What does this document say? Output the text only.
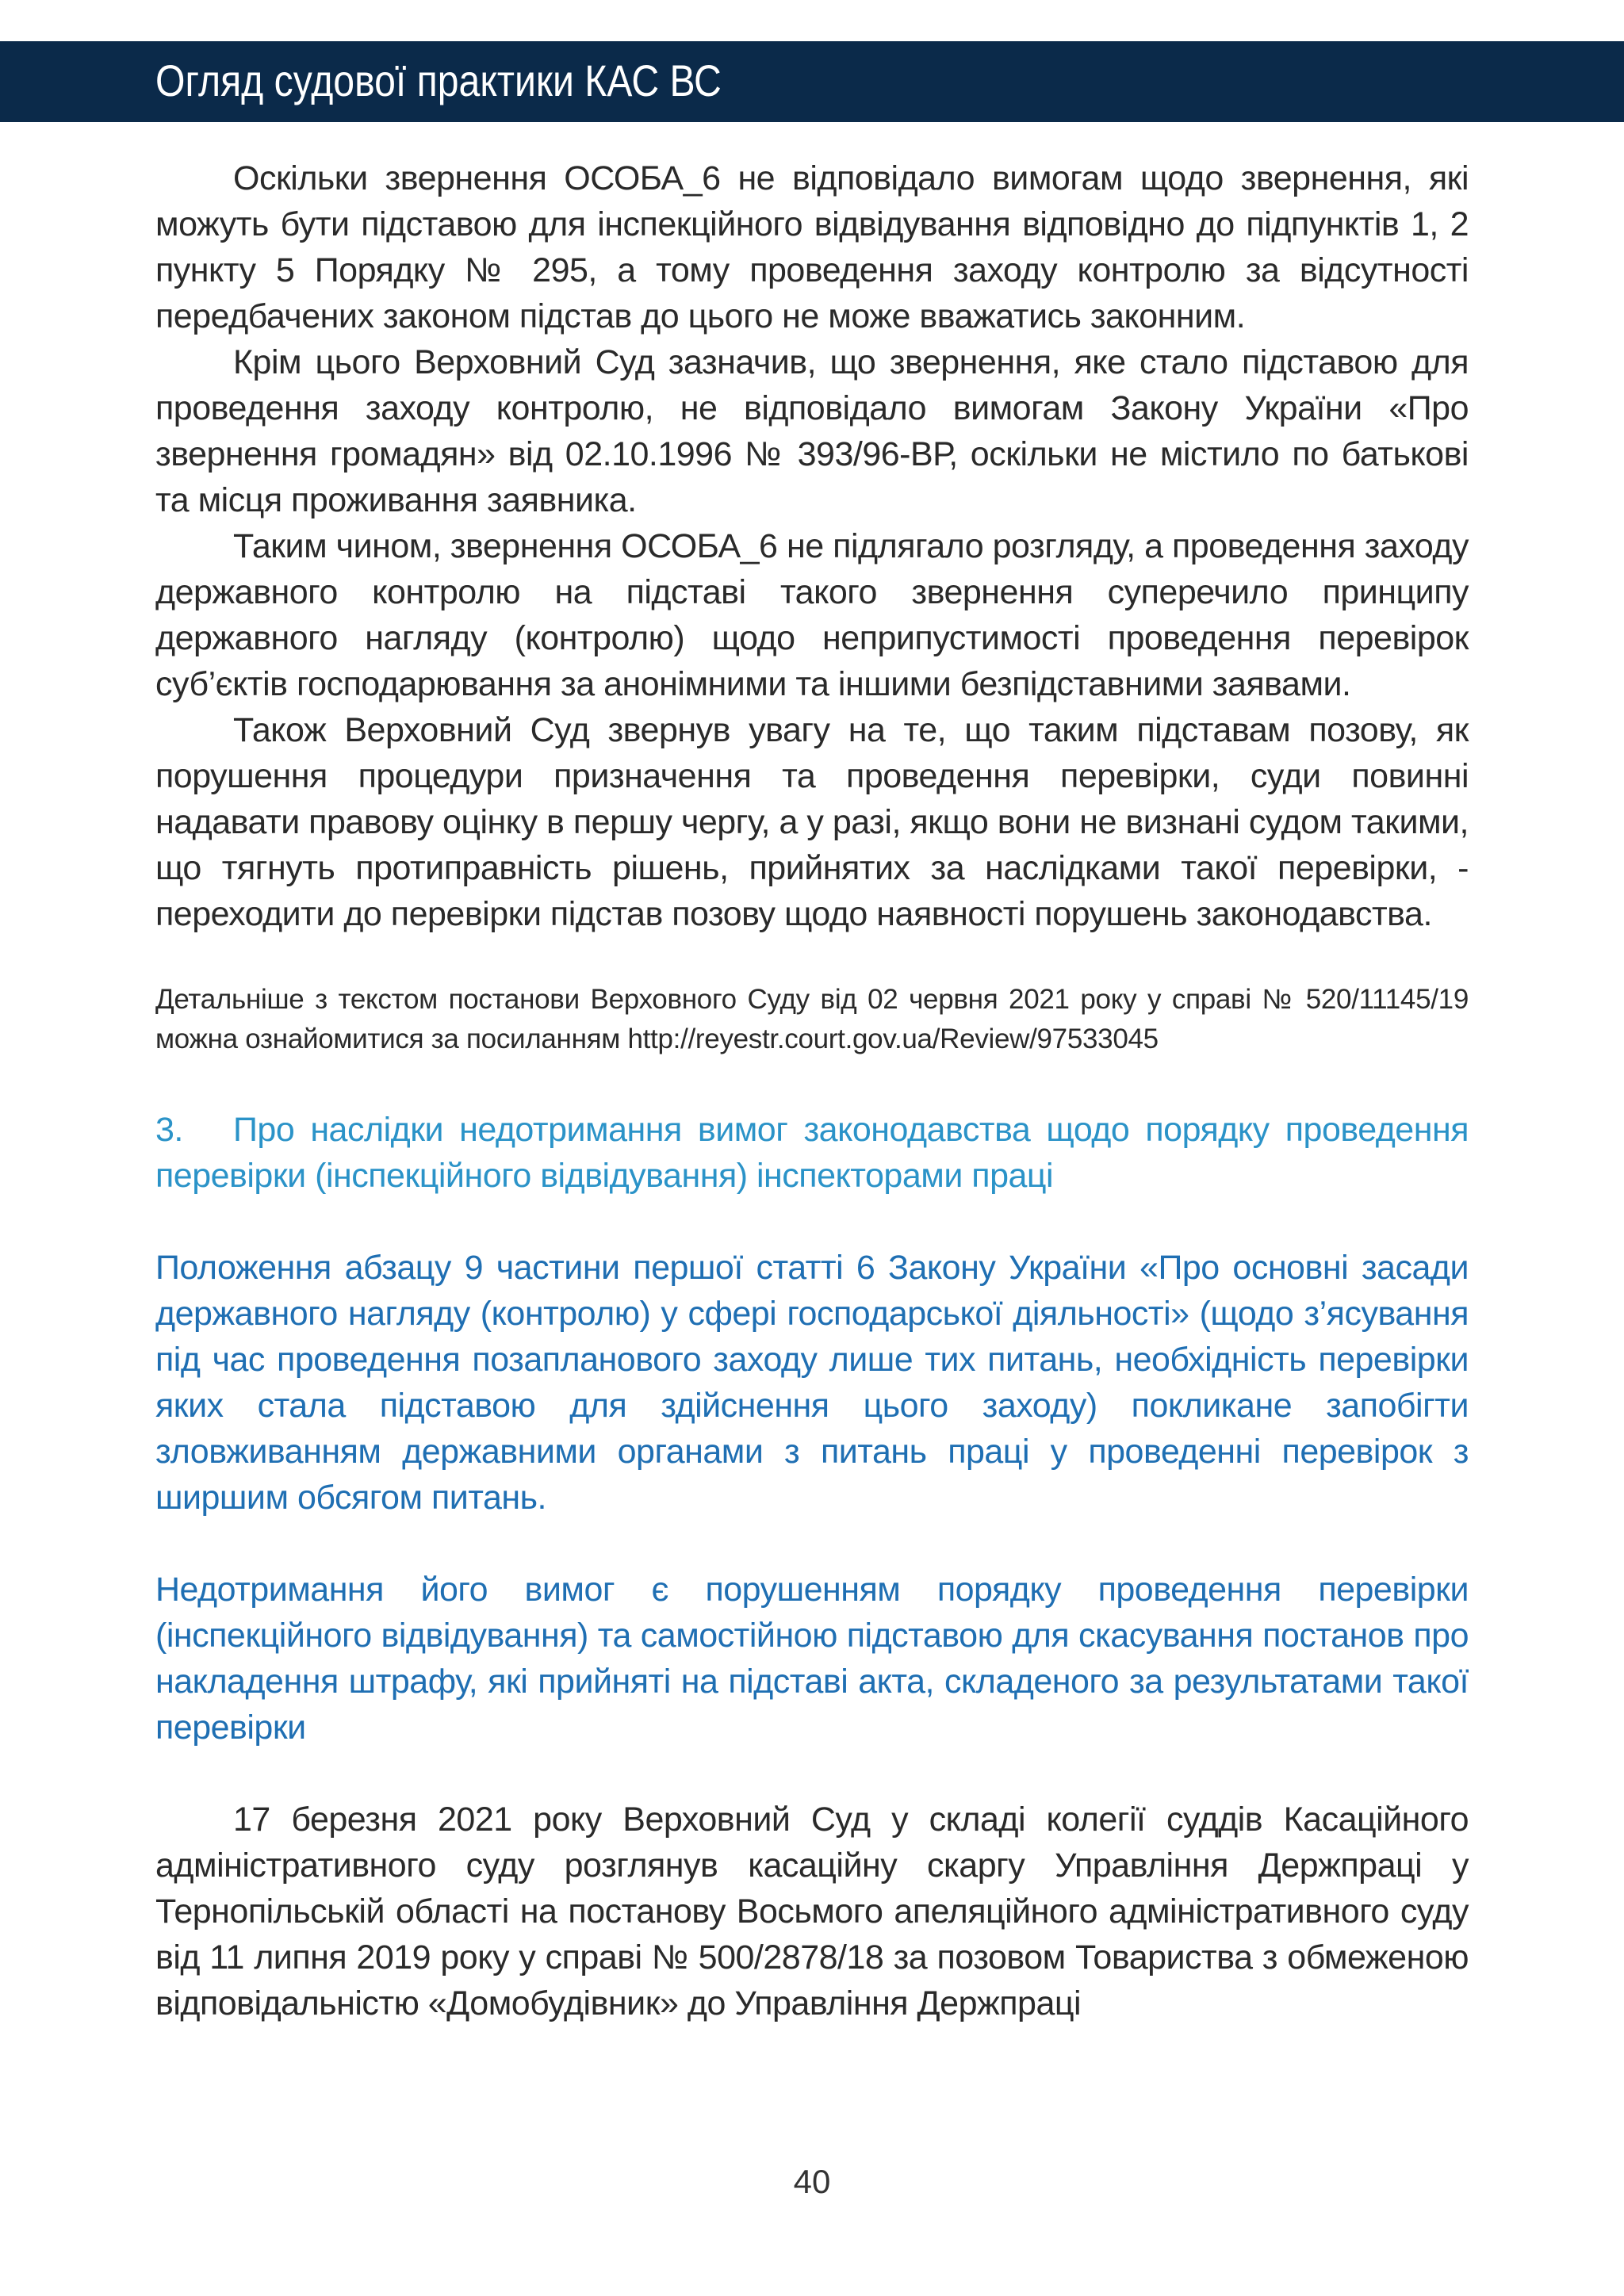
Огляд судової практики КАС ВС

Оскільки звернення ОСОБА_6 не відповідало вимогам щодо звернення, які можуть бути підставою для інспекційного відвідування відповідно до підпунктів 1, 2 пункту 5 Порядку № 295, а тому проведення заходу контролю за відсутності передбачених законом підстав до цього не може вважатись законним.

Крім цього Верховний Суд зазначив, що звернення, яке стало підставою для проведення заходу контролю, не відповідало вимогам Закону України «Про звернення громадян» від 02.10.1996 № 393/96-ВР, оскільки не містило по батькові та місця проживання заявника.

Таким чином, звернення ОСОБА_6 не підлягало розгляду, а проведення заходу державного контролю на підставі такого звернення суперечило принципу державного нагляду (контролю) щодо неприпустимості проведення перевірок суб’єктів господарювання за анонімними та іншими безпідставними заявами.

Також Верховний Суд звернув увагу на те, що таким підставам позову, як порушення процедури призначення та проведення перевірки, суди повинні надавати правову оцінку в першу чергу, а у разі, якщо вони не визнані судом такими, що тягнуть протиправність рішень, прийнятих за наслідками такої перевірки, - переходити до перевірки підстав позову щодо наявності порушень законодавства.

Детальніше з текстом постанови Верховного Суду від 02 червня 2021 року у справі № 520/11145/19 можна ознайомитися за посиланням http://reyestr.court.gov.ua/Review/97533045

3. Про наслідки недотримання вимог законодавства щодо порядку проведення перевірки (інспекційного відвідування) інспекторами праці

Положення абзацу 9 частини першої статті 6 Закону України «Про основні засади державного нагляду (контролю) у сфері господарської діяльності» (щодо з’ясування під час проведення позапланового заходу лише тих питань, необхідність перевірки яких стала підставою для здійснення цього заходу) покликане запобігти зловживанням державними органами з питань праці у проведенні перевірок з ширшим обсягом питань.

Недотримання його вимог є порушенням порядку проведення перевірки (інспекційного відвідування) та самостійною підставою для скасування постанов про накладення штрафу, які прийняті на підставі акта, складеного за результатами такої перевірки

17 березня 2021 року Верховний Суд у складі колегії суддів Касаційного адміністративного суду розглянув касаційну скаргу Управління Держпраці у Тернопільській області на постанову Восьмого апеляційного адміністративного суду від 11 липня 2019 року у справі № 500/2878/18 за позовом Товариства з обмеженою відповідальністю «Домобудівник» до Управління Держпраці

40
